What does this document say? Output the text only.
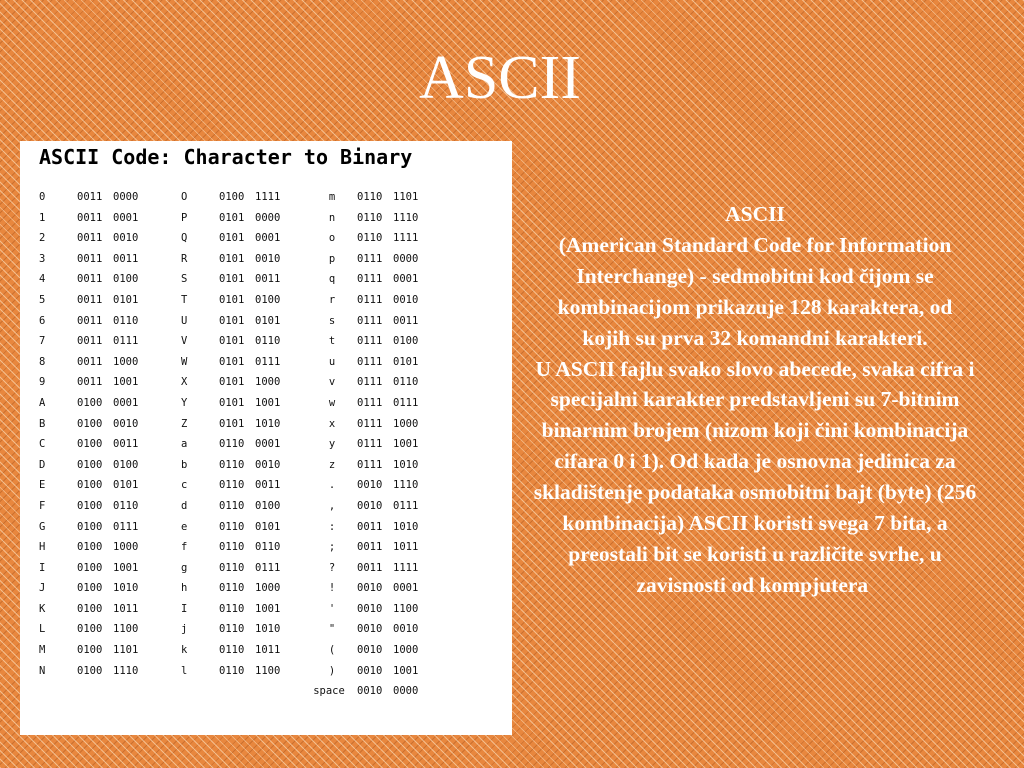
ASCII
ASCII Code: Character to Binary
0	0011 0000
1	0011 0001
2	0011 0010
3	0011 0011
4	0011 0100
5	0011 0101
6	0011 0110
7	0011 0111
8	0011 1000
9	0011 1001
A	0100 0001
B	0100 0010
C	0100 0011
D	0100 0100
E	0100 0101
F	0100 0110
G	0100 0111
H	0100 1000
I	0100 1001
J	0100 1010
K	0100 1011
L	0100 1100
M	0100 1101
N	0100 1110
O	0100 1111
P	0101 0000
Q	0101 0001
R	0101 0010
S	0101 0011
T	0101 0100
U	0101 0101
V	0101 0110
W	0101 0111
X	0101 1000
Y	0101 1001
Z	0101 1010
a	0110 0001
b	0110 0010
c	0110 0011
d	0110 0100
e	0110 0101
f	0110 0110
g	0110 0111
h	0110 1000
I	0110 1001
j	0110 1010
k	0110 1011
l	0110 1100
m 0110 1101
n 0110 1110
o 0110 1111
p 0111 0000
q 0111 0001
r 0111 0010
s 0111 0011
t 0111 0100
u 0111 0101
v 0111 0110
w 0111 0111
x 0111 1000
y 0111 1001
z 0111 1010
. 0010 1110
, 0010 0111
: 0011 1010
; 0011 1011
? 0011 1111
! 0010 0001
' 0010 1100
" 0010 0010
( 0010 1000
) 0010 1001
space 0010 0000

ASCII

(American Standard Code for Information Interchange) - sedmobitni kod čijom se kombinacijom prikazuje 128 karaktera, od kojih su prva 32 komandni karakteri.

U ASCII fajlu svako slovo abecede, svaka cifra i specijalni karakter predstavljeni su 7-bitnim binarnim brojem (nizom koji čini kombinacija cifara 0 i 1). Od kada je osnovna jedinica za skladištenje podataka osmobitni bajt (byte) (256 kombinacija) ASCII koristi svega 7 bita, a preostali bit se koristi u različite svrhe, u zavisnosti od kompjutera.
